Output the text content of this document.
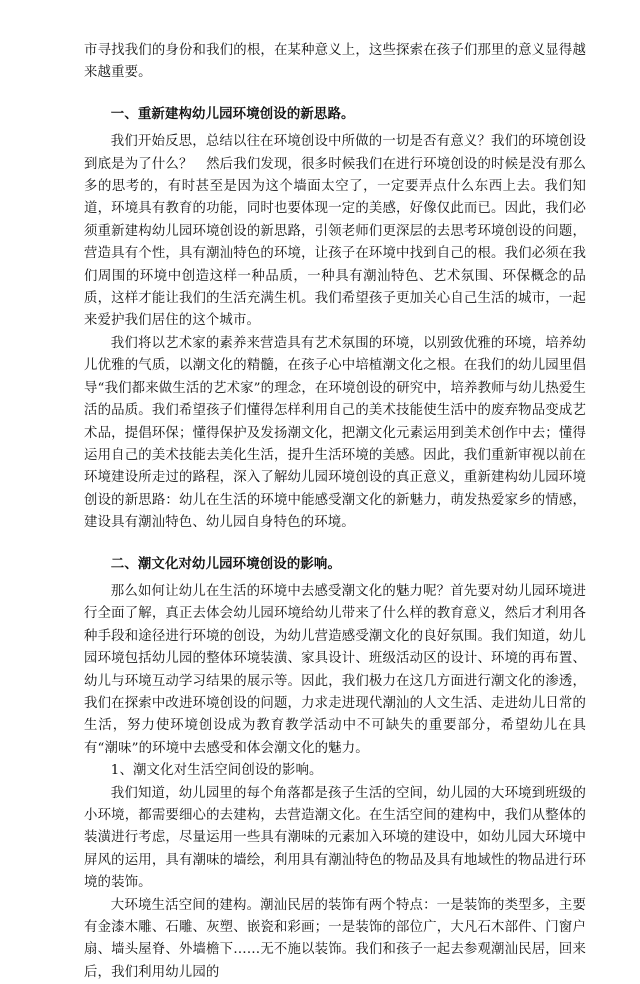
市寻找我们的身份和我们的根，在某种意义上，这些探索在孩子们那里的意义显得越来越重要。

一、重新建构幼儿园环境创设的新思路。

我们开始反思，总结以往在环境创设中所做的一切是否有意义？我们的环境创设到底是为了什么？　然后我们发现，很多时候我们在进行环境创设的时候是没有那么多的思考的，有时甚至是因为这个墙面太空了，一定要弄点什么东西上去。我们知道，环境具有教育的功能，同时也要体现一定的美感，好像仅此而已。因此，我们必须重新建构幼儿园环境创设的新思路，引领老师们更深层的去思考环境创设的问题，营造具有个性，具有潮汕特色的环境，让孩子在环境中找到自己的根。我们必须在我们周围的环境中创造这样一种品质，一种具有潮汕特色、艺术氛围、环保概念的品质，这样才能让我们的生活充满生机。我们希望孩子更加关心自己生活的城市，一起来爱护我们居住的这个城市。

我们将以艺术家的素养来营造具有艺术氛围的环境，以别致优雅的环境，培养幼儿优雅的气质，以潮文化的精髓，在孩子心中培植潮文化之根。在我们的幼儿园里倡导“我们都来做生活的艺术家”的理念，在环境创设的研究中，培养教师与幼儿热爱生活的品质。我们希望孩子们懂得怎样利用自己的美术技能使生活中的废弃物品变成艺术品，提倡环保；懂得保护及发扬潮文化，把潮文化元素运用到美术创作中去；懂得运用自己的美术技能去美化生活，提升生活环境的美感。因此，我们重新审视以前在环境建设所走过的路程，深入了解幼儿园环境创设的真正意义，重新建构幼儿园环境创设的新思路：幼儿在生活的环境中能感受潮文化的新魅力，萌发热爱家乡的情感，建设具有潮汕特色、幼儿园自身特色的环境。

二、潮文化对幼儿园环境创设的影响。

那么如何让幼儿在生活的环境中去感受潮文化的魅力呢？首先要对幼儿园环境进行全面了解，真正去体会幼儿园环境给幼儿带来了什么样的教育意义，然后才利用各种手段和途径进行环境的创设，为幼儿营造感受潮文化的良好氛围。我们知道，幼儿园环境包括幼儿园的整体环境装潢、家具设计、班级活动区的设计、环境的再布置、幼儿与环境互动学习结果的展示等。因此，我们极力在这几方面进行潮文化的渗透，我们在探索中改进环境创设的问题，力求走进现代潮汕的人文生活、走进幼儿日常的生活，努力使环境创设成为教育教学活动中不可缺失的重要部分，希望幼儿在具有“潮味”的环境中去感受和体会潮文化的魅力。

1、潮文化对生活空间创设的影响。

我们知道，幼儿园里的每个角落都是孩子生活的空间，幼儿园的大环境到班级的小环境，都需要细心的去建构，去营造潮文化。在生活空间的建构中，我们从整体的装潢进行考虑，尽量运用一些具有潮味的元素加入环境的建设中，如幼儿园大环境中屏风的运用，具有潮味的墙绘，利用具有潮汕特色的物品及具有地域性的物品进行环境的装饰。

大环境生活空间的建构。潮汕民居的装饰有两个特点：一是装饰的类型多，主要有金漆木雕、石雕、灰塑、嵌瓷和彩画；一是装饰的部位广，大凡石木部件、门窗户扇、墙头屋脊、外墙檐下……无不施以装饰。我们和孩子一起去参观潮汕民居，回来后，我们利用幼儿园的
